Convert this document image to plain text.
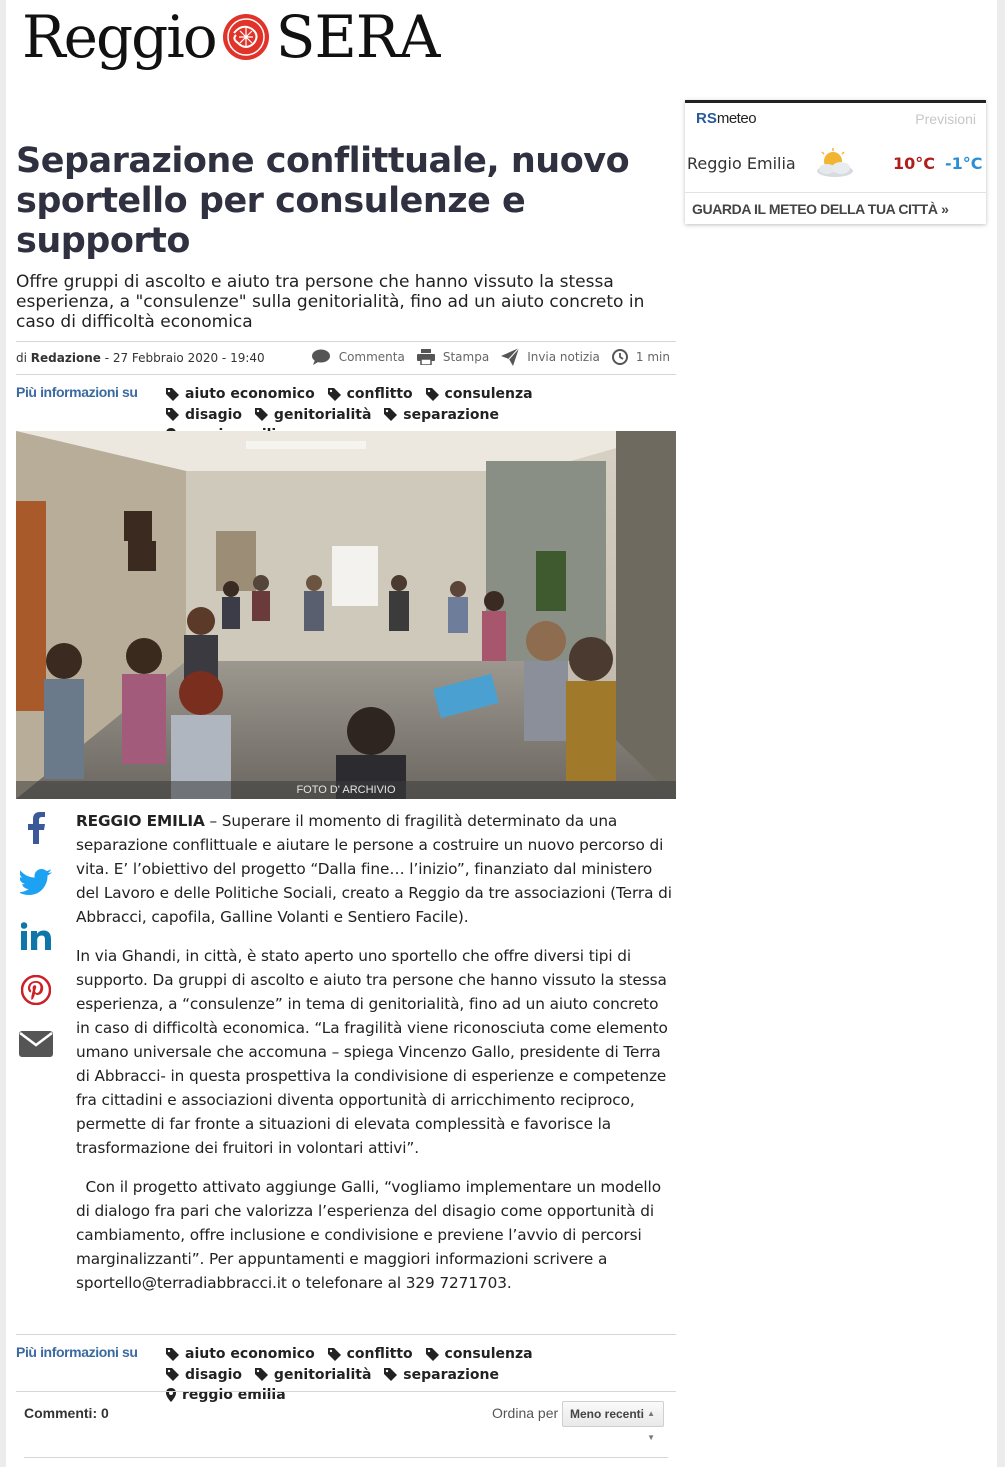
Reggio SERA
RSmeteo	Previsioni
Reggio Emilia	10°C -1°C
GUARDA IL METEO DELLA TUA CITTÀ »
Separazione conflittuale, nuovo sportello per consulenze e supporto
Offre gruppi di ascolto e aiuto tra persone che hanno vissuto la stessa esperienza, a "consulenze" sulla genitorialità, fino ad un aiuto concreto in caso di difficoltà economica
di Redazione - 27 Febbraio 2020 - 19:40	Commenta	Stampa	Invia notizia	1 min
Più informazioni su	aiuto economico
conflitto
consulenza

disagio
genitorialità
separazione

FOTO D' ARCHIVIO

REGGIO EMILIA – Superare il momento di fragilità determinato da una separazione conflittuale e aiutare le persone a costruire un nuovo percorso di vita. E’ l’obiettivo del progetto “Dalla fine… l’inizio”, finanziato dal ministero del Lavoro e delle Politiche Sociali, creato a Reggio da tre associazioni (Terra di Abbracci, capofila, Galline Volanti e Sentiero Facile).

In via Ghandi, in città, è stato aperto uno sportello che offre diversi tipi di supporto. Da gruppi di ascolto e aiuto tra persone che hanno vissuto la stessa esperienza, a “consulenze” in tema di genitorialità, fino ad un aiuto concreto in caso di difficoltà economica. “La fragilità viene riconosciuta come elemento umano universale che accomuna – spiega Vincenzo Gallo, presidente di Terra di Abbracci- in questa prospettiva la condivisione di esperienze e competenze fra cittadini e associazioni diventa opportunità di arricchimento reciproco, permette di far fronte a situazioni di elevata complessità e favorisce la trasformazione dei fruitori in volontari attivi”.

Con il progetto attivato aggiunge Galli, “vogliamo implementare un modello di dialogo fra pari che valorizza l’esperienza del disagio come opportunità di cambiamento, offre inclusione e condivisione e previene l’avvio di percorsi marginalizzanti”. Per appuntamenti e maggiori informazioni scrivere a sportello@terradiabbracci.it o telefonare al 329 7271703.

Più informazioni su	aiuto economico
conflitto
consulenza

disagio
genitorialità
separazione

reggio emilia
Commenti: 0	Ordina per Meno recenti ▲
▼
